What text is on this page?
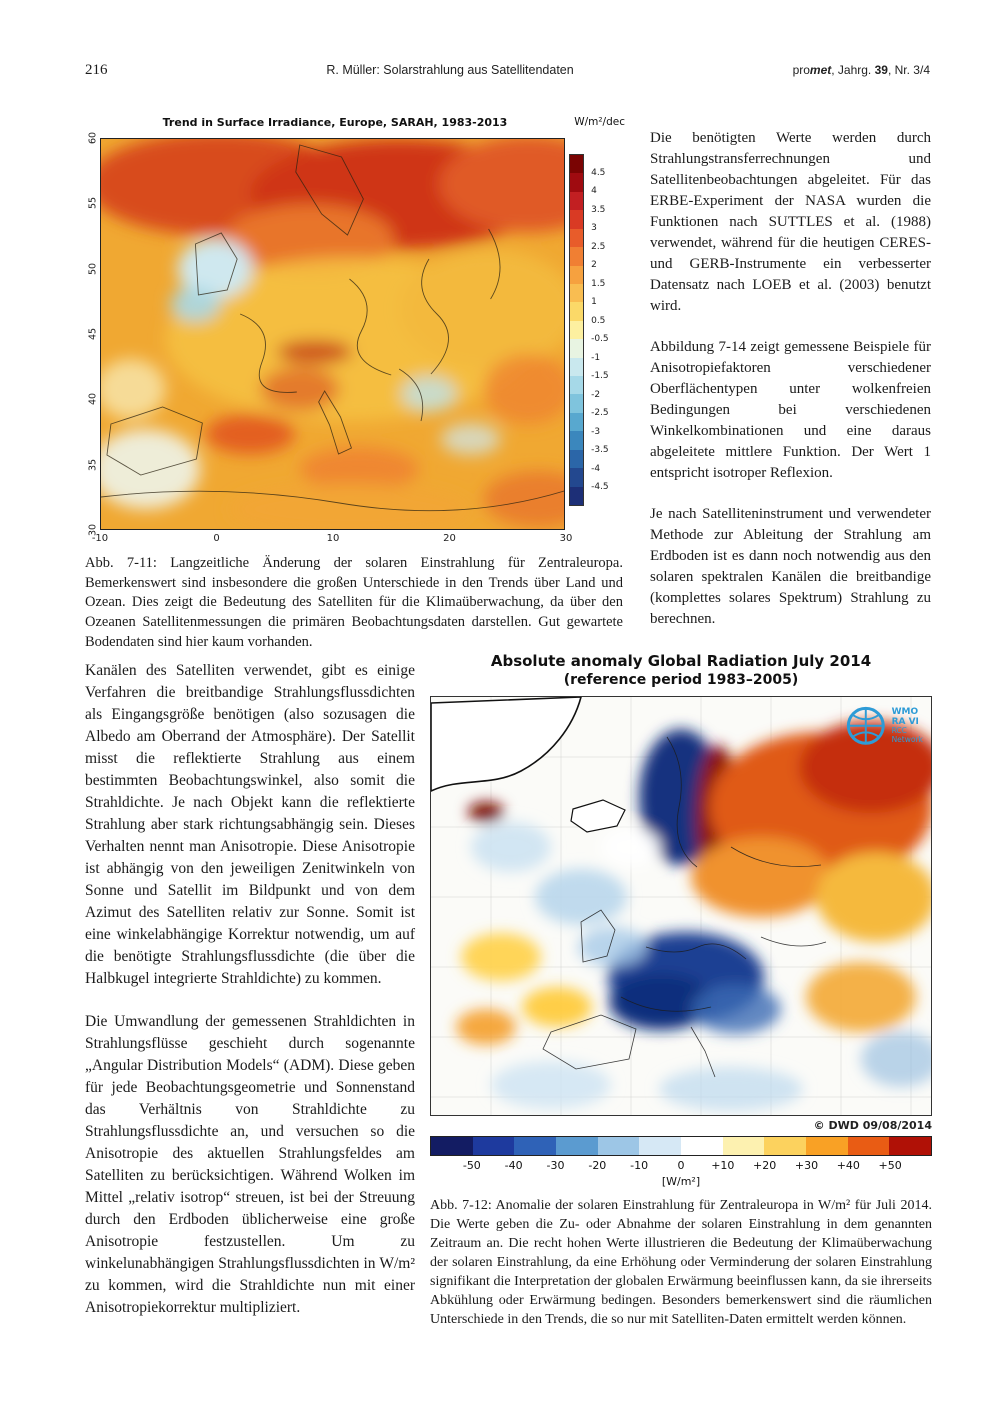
216	R. Müller: Solarstrahlung aus Satellitendaten	promet, Jahrg. 39, Nr. 3/4
Trend in Surface Irradiance, Europe, SARAH, 1983-2013	W/m²/dec
60
55
50
45
40
35
30
4.5
4
3.5
3
2.5
2
1.5
1
0.5
-0.5
-1
-1.5
-2
-2.5
-3
-3.5
-4
-4.5
-10	0	10	20	30

Abb. 7-11: Langzeitliche Änderung der solaren Einstrahlung für Zentraleuropa. Bemerkenswert sind insbesondere die großen Unterschiede in den Trends über Land und Ozean. Dies zeigt die Bedeutung des Satelliten für die Klimaüberwachung, da über den Ozeanen Satellitenmessungen die primären Beobachtungsdaten darstellen. Gut gewartete Bodendaten sind hier kaum vorhanden.

Die benötigten Werte werden durch Strahlungstransferrechnungen und Satellitenbeobachtungen abgeleitet. Für das ERBE-Experiment der NASA wurden die Funktionen nach SUTTLES et al. (1988) verwendet, während für die heutigen CERES- und GERB-Instrumente ein verbesserter Datensatz nach LOEB et al. (2003) benutzt wird.

Abbildung 7-14 zeigt gemessene Beispiele für Anisotropiefaktoren verschiedener Oberflächentypen unter wolkenfreien Bedingungen bei verschiedenen Winkelkombinationen und eine daraus abgeleitete mittlere Funktion. Der Wert 1 entspricht isotroper Reflexion.

Je nach Satelliteninstrument und verwendeter Methode zur Ableitung der Strahlung am Erdboden ist es dann noch notwendig aus den solaren spektralen Kanälen die breitbandige (komplettes solares Spektrum) Strahlung zu berechnen.

Kanälen des Satelliten verwendet, gibt es einige Verfahren die breitbandige Strahlungsflussdichten als Eingangsgröße benötigen (also sozusagen die Albedo am Oberrand der Atmosphäre). Der Satellit misst die reflektierte Strahlung aus einem bestimmten Beobachtungswinkel, also somit die Strahldichte. Je nach Objekt kann die reflektierte Strahlung aber stark richtungsabhängig sein. Dieses Verhalten nennt man Anisotropie. Diese Anisotropie ist abhängig von den jeweiligen Zenitwinkeln von Sonne und Satellit im Bildpunkt und von dem Azimut des Satelliten relativ zur Sonne. Somit ist eine winkelabhängige Korrektur notwendig, um auf die benötigte Strahlungsflussdichte (die über die Halbkugel integrierte Strahldichte) zu kommen.

Die Umwandlung der gemessenen Strahldichten in Strahlungsflüsse geschieht durch sogenannte „Angular Distribution Models“ (ADM). Diese geben für jede Beobachtungsgeometrie und Sonnenstand das Verhältnis von Strahldichte zu Strahlungsflussdichte an, und versuchen so die Anisotropie des aktuellen Strahlungsfeldes am Satelliten zu berücksichtigen. Während Wolken im Mittel „relativ isotrop“ streuen, ist bei der Streuung durch den Erdboden üblicherweise eine große Anisotropie festzustellen. Um zu winkelunabhängigen Strahlungsflussdichten in W/m² zu kommen, wird die Strahldichte nun mit einer Anisotropiekorrektur multipliziert.

Absolute anomaly Global Radiation July 2014
(reference period 1983–2005)
WMO RA VI
RCC Network
© DWD 09/08/2014
-50 -40 -30 -20 -10	0 +10 +20 +30 +40 +50
[W/m²]

Abb. 7-12: Anomalie der solaren Einstrahlung für Zentraleuropa in W/m² für Juli 2014. Die Werte geben die Zu- oder Abnahme der solaren Einstrahlung in dem genannten Zeitraum an. Die recht hohen Werte illustrieren die Bedeutung der Klimaüberwachung der solaren Einstrahlung, da eine Erhöhung oder Verminderung der solaren Einstrahlung signifikant die Interpretation der globalen Erwärmung beeinflussen kann, da sie ihrerseits Abkühlung oder Erwärmung bedingen. Besonders bemerkenswert sind die räumlichen Unterschiede in den Trends, die so nur mit Satelliten-Daten ermittelt werden können.
